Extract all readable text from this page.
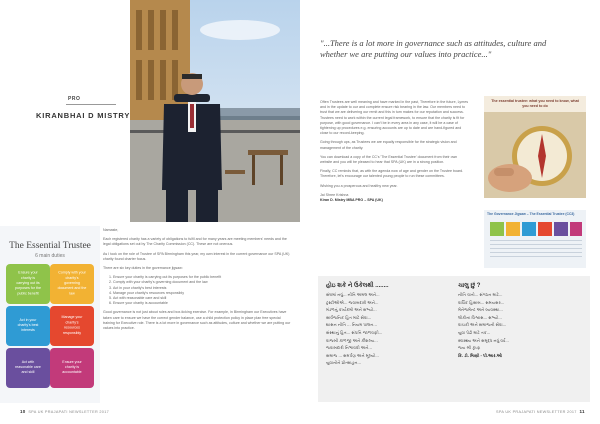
PRO
KIRANBHAI D MISTRY
The Essential Trustee
6 main duties
Ensure your charity is carrying out its purposes for the public benefit
Comply with your charity's governing document and the law
Act in your charity's best interests
Manage your charity's resources responsibly
Act with reasonable care and skill
Ensure your charity is accountable

Namaste,

Each registered charity has a variety of obligations to fulfil and for many years are meeting members' needs and the legal obligations set out by The Charity Commission (CC). These are not onerous.

As I took on the role of Trustee of SPA Birmingham this year, my own interest in the current governance our SPA (UK) charity found charter focus.

There are six key duties in the governance jigsaw:

1. Ensure your charity is carrying out its purposes for the public benefit
2. Comply with your charity's governing document and the law
3. Act in your charity's best interests
4. Manage your charity's resources responsibly
5. Act with reasonable care and skill
6. Ensure your charity is accountable

Good governance is not just about rules and box-ticking exercise. For example, in Birmingham our Executives have taken care to ensure we have the correct gender balance, use a child protection policy in place plan free special training for Executive role. There is a lot more in governance such as attitudes, culture and whether we are putting our values into practice.

10 SPA UK PRAJAPATI NEWSLETTER 2017
"...There is a lot more in governance such as attitudes, culture and whether we are putting our values into practice..."

Often Trustees are well meaning and have marked in the past, Therefore in the future, Lymes and in the update to our and complete ensure risk bearing in the law. Our members need to trust that we are delivering our remit and this in turn makes for our reputation and success. Trustees need to work within the current legal framework, to ensure that the charity is fit for purpose, with good governance. I can't be in every area in any case, it will be a case of tightening up procedures e.g. ensuring accounts are up to date and are hand-figured and close to our record-keeping.

Going through ups, as Trustees we are equally responsible for the strategic vision and management of the charity.

You can download a copy of the CC's 'The Essential Trustee' document from their own website and you will be pleased to hear that SPA (UK) are in a strong position.

Finally, CC reminds that, as with the agenda now of age and gender on the Trustee board. Therefore, let's encourage our talented young people to run these committees.

Wishing you a prosperous and healthy new year.

Jai Shree Krishna

Kiran D. Mistry MBA PRO – SPA (UK)

The essential trustee: what you need to know, what you need to do
The Governance Jigsaw – The Essential Trustee (CC3)
હોઇ શકે ને ઉકેલથી ........
સંઘમાં નવું... નીતિ અમલ અને...
ટ્રસ્ટીઓએ... જવાબદારી અને...
મંડળનું કાર્યક્રમો અને સભ્યો...
સાર્વજનિક હિત માટે સેવા...
શાસન નીતિ ... નિયમ પાલન...
સંસ્થાનું હિત... સંપત્તિ જાળવણી...
વાજબી કાળજી અને કૌશલ્ય...
જવાબદારી નિભાવવી અને...
સમાજ ... સમર્પણ અને મૂલ્યો...
યુવાનોને પ્રોત્સાહન...
ચાલુ છું ?
નીતિ વાતો... સંગઠન માટે...
વાર્ષિક હિસાબ... સમયસર...
મેનેજમેન્ટ અને વ્યવસ્થા...
લોકોના વિશ્વાસ... સભ્યો...
વાચકો અને સમાજની સેવા...
યુવા પેઢી માટે તક...
સ્વાસ્થ્ય અને સમૃદ્ધ નવું વર્ષ...
જય શ્રી કૃષ્ણ
કિ. ડી. મિસ્ત્રી - પી.આર.ઓ
SPA UK PRAJAPATI NEWSLETTER 2017 11
